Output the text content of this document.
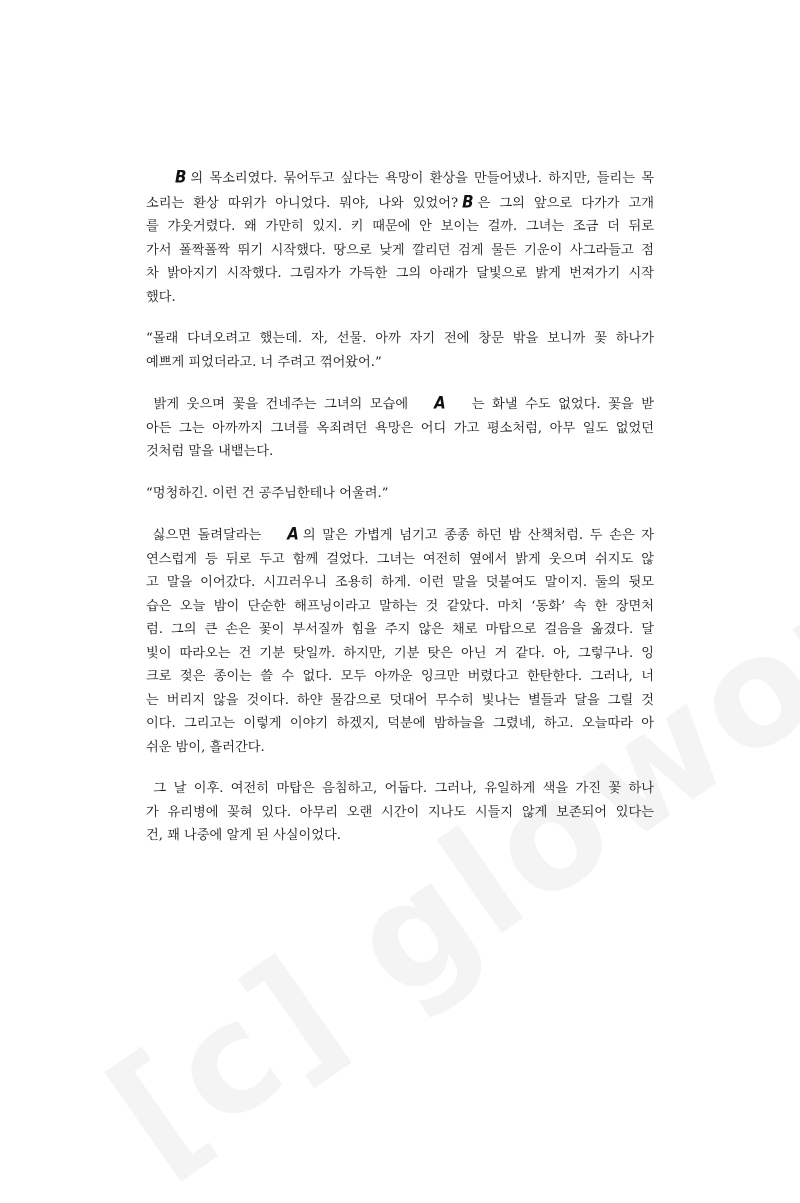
B 의 목소리였다. 묶어두고 싶다는 욕망이 환상을 만들어냈나. 하지만, 들리는 목
소리는 환상 따위가 아니었다. 뭐야, 나와 있었어? B 은 그의 앞으로 다가가 고개
를 갸웃거렸다. 왜 가만히 있지. 키 때문에 안 보이는 걸까. 그녀는 조금 더 뒤로
가서 폴짝폴짝 뛰기 시작했다. 땅으로 낮게 깔리던 검게 물든 기운이 사그라들고 점
차 밝아지기 시작했다. 그림자가 가득한 그의 아래가 달빛으로 밝게 번져가기 시작
했다.
“몰래 다녀오려고 했는데. 자, 선물. 아까 자기 전에 창문 밖을 보니까 꽃 하나가
예쁘게 피었더라고. 너 주려고 꺾어왔어.”
밝게 웃으며 꽃을 건네주는 그녀의 모습에 A 는 화낼 수도 없었다. 꽃을 받
아든 그는 아까까지 그녀를 옥죄려던 욕망은 어디 가고 평소처럼, 아무 일도 없었던
것처럼 말을 내뱉는다.
“멍청하긴. 이런 건 공주님한테나 어울려.”
싫으면 돌려달라는 A 의 말은 가볍게 넘기고 종종 하던 밤 산책처럼. 두 손은 자
연스럽게 등 뒤로 두고 함께 걸었다. 그녀는 여전히 옆에서 밝게 웃으며 쉬지도 않
고 말을 이어갔다. 시끄러우니 조용히 하게. 이런 말을 덧붙여도 말이지. 둘의 뒷모
습은 오늘 밤이 단순한 해프닝이라고 말하는 것 같았다. 마치 ‘동화’ 속 한 장면처
럼. 그의 큰 손은 꽃이 부서질까 힘을 주지 않은 채로 마탑으로 걸음을 옮겼다. 달
빛이 따라오는 건 기분 탓일까. 하지만, 기분 탓은 아닌 거 같다. 아, 그렇구나. 잉
크로 젖은 종이는 쓸 수 없다. 모두 아까운 잉크만 버렸다고 한탄한다. 그러나, 너
는 버리지 않을 것이다. 하얀 물감으로 덧대어 무수히 빛나는 별들과 달을 그릴 것
이다. 그리고는 이렇게 이야기 하겠지, 덕분에 밤하늘을 그렸네, 하고. 오늘따라 아
쉬운 밤이, 흘러간다.
그 날 이후. 여전히 마탑은 음침하고, 어둡다. 그러나, 유일하게 색을 가진 꽃 하나
가 유리병에 꽂혀 있다. 아무리 오랜 시간이 지나도 시들지 않게 보존되어 있다는
건, 꽤 나중에 알게 된 사실이었다.
